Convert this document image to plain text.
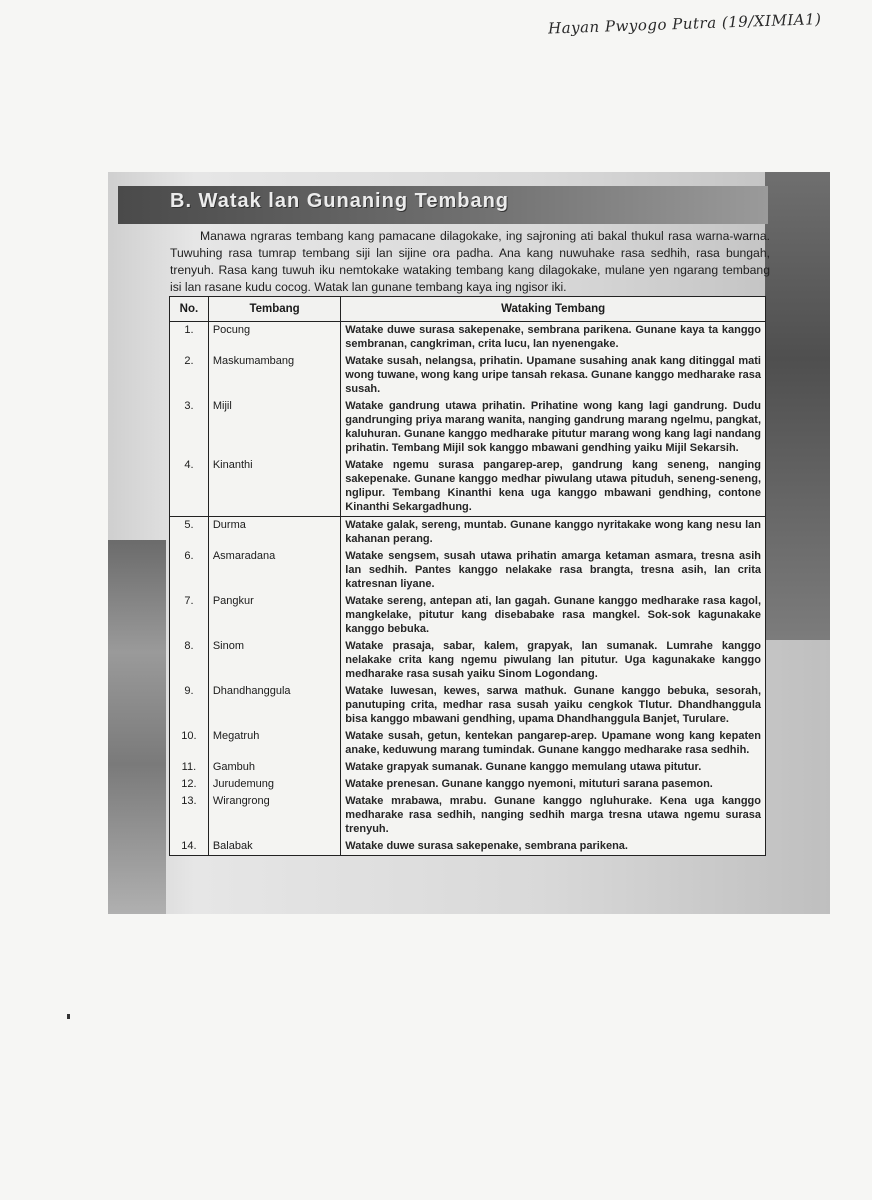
Hayan Pwyogo Putra (19/XIMIA1)
B. Watak lan Gunaning Tembang

Manawa ngraras tembang kang pamacane dilagokake, ing sajroning ati bakal thukul rasa warna-warna. Tuwuhing rasa tumrap tembang siji lan sijine ora padha. Ana kang nuwuhake rasa sedhih, rasa bungah, trenyuh. Rasa kang tuwuh iku nemtokake wataking tembang kang dilagokake, mulane yen ngarang tembang isi lan rasane kudu cocog. Watak lan gunane tembang kaya ing ngisor iki.

No.	Tembang	Wataking Tembang
1.	Pocung	Watake duwe surasa sakepenake, sembrana parikena. Gunane kaya ta kanggo sembranan, cangkriman, crita lucu, lan nyenengake.
2.	Maskumambang	Watake susah, nelangsa, prihatin. Upamane susahing anak kang ditinggal mati wong tuwane, wong kang uripe tansah rekasa. Gunane kanggo medharake rasa susah.
3.	Mijil	Watake gandrung utawa prihatin. Prihatine wong kang lagi gandrung. Dudu gandrunging priya marang wanita, nanging gandrung marang ngelmu, pangkat, kaluhuran. Gunane kanggo medharake pitutur marang wong kang lagi nandang prihatin. Tembang Mijil sok kanggo mbawani gendhing yaiku Mijil Sekarsih.
4.	Kinanthi	Watake ngemu surasa pangarep-arep, gandrung kang seneng, nanging sakepenake. Gunane kanggo medhar piwulang utawa pituduh, seneng-seneng, nglipur. Tembang Kinanthi kena uga kanggo mbawani gendhing, contone Kinanthi Sekargadhung.
5.	Durma	Watake galak, sereng, muntab. Gunane kanggo nyritakake wong kang nesu lan kahanan perang.
6.	Asmaradana	Watake sengsem, susah utawa prihatin amarga ketaman asmara, tresna asih lan sedhih. Pantes kanggo nelakake rasa brangta, tresna asih, lan crita katresnan liyane.
7.	Pangkur	Watake sereng, antepan ati, lan gagah. Gunane kanggo medharake rasa kagol, mangkelake, pitutur kang disebabake rasa mangkel. Sok-sok kagunakake kanggo bebuka.
8.	Sinom	Watake prasaja, sabar, kalem, grapyak, lan sumanak. Lumrahe kanggo nelakake crita kang ngemu piwulang lan pitutur. Uga kagunakake kanggo medharake rasa susah yaiku Sinom Logondang.
9.	Dhandhanggula	Watake luwesan, kewes, sarwa mathuk. Gunane kanggo bebuka, sesorah, panutuping crita, medhar rasa susah yaiku cengkok Tlutur. Dhandhanggula bisa kanggo mbawani gendhing, upama Dhandhanggula Banjet, Turulare.
10.	Megatruh	Watake susah, getun, kentekan pangarep-arep. Upamane wong kang kepaten anake, keduwung marang tumindak. Gunane kanggo medharake rasa sedhih.
11.	Gambuh	Watake grapyak sumanak. Gunane kanggo memulang utawa pitutur.
12.	Jurudemung	Watake prenesan. Gunane kanggo nyemoni, mituturi sarana pasemon.
13.	Wirangrong	Watake mrabawa, mrabu. Gunane kanggo ngluhurake. Kena uga kanggo medharake rasa sedhih, nanging sedhih marga tresna utawa ngemu surasa trenyuh.
14.	Balabak	Watake duwe surasa sakepenake, sembrana parikena.
